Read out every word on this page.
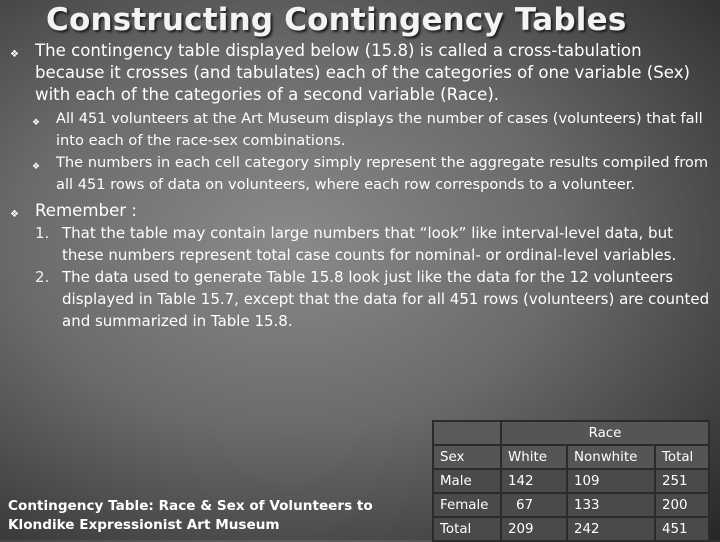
Constructing Contingency Tables
❖ The contingency table displayed below (15.8) is called a cross-tabulation because it crosses (and tabulates) each of the categories of one variable (Sex) with each of the categories of a second variable (Race).
❖ All 451 volunteers at the Art Museum displays the number of cases (volunteers) that fall into each of the race-sex combinations.
❖ The numbers in each cell category simply represent the aggregate results compiled from all 451 rows of data on volunteers, where each row corresponds to a volunteer.
❖ Remember :
1. That the table may contain large numbers that “look” like interval-level data, but these numbers represent total case counts for nominal- or ordinal-level variables.
2. The data used to generate Table 15.8 look just like the data for the 12 volunteers displayed in Table 15.7, except that the data for all 451 rows (volunteers) are counted and summarized in Table 15.8.
Contingency Table: Race & Sex of Volunteers to Klondike Expressionist Art Museum
	Race		
Sex	White	Nonwhite	Total
Male	142	109	251
Female	67	133	200
Total	209	242	451
